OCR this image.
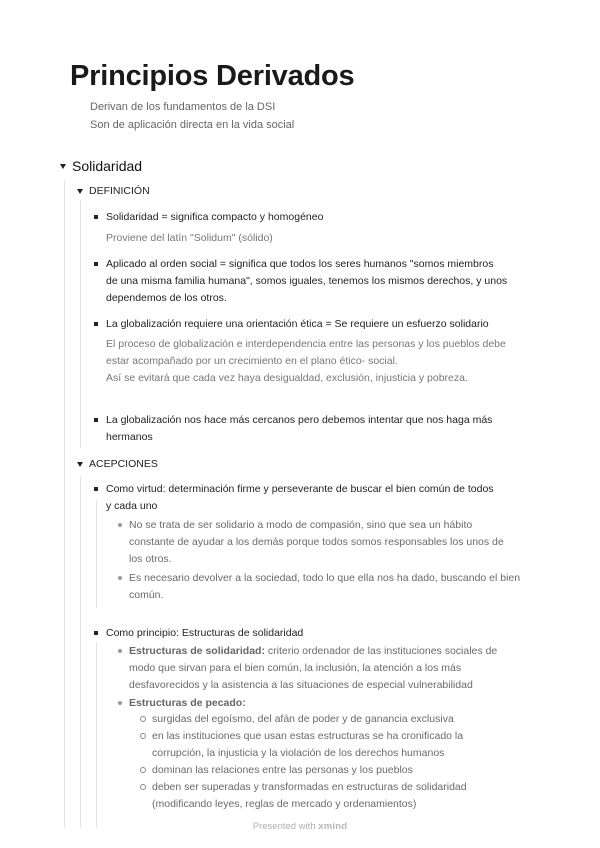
Principios Derivados
Derivan de los fundamentos de la DSI
Son de aplicación directa en la vida social
Solidaridad
DEFINICIÓN
Solidaridad = significa compacto y homogéneo
Proviene del latín "Solidum" (sólido)
Aplicado al orden social = significa que todos los seres humanos "somos miembros
de una misma familia humana", somos iguales, tenemos los mismos derechos, y unos
dependemos de los otros.
La globalización requiere una orientación ética = Se requiere un esfuerzo solidario
El proceso de globalización e interdependencia entre las personas y los pueblos debe
estar acompañado por un crecimiento en el plano ético- social.
Así se evitará que cada vez haya desigualdad, exclusión, injusticia y pobreza.
La globalización nos hace más cercanos pero debemos intentar que nos haga más
hermanos
ACEPCIONES
Como virtud: determinación firme y perseverante de buscar el bien común de todos
y cada uno
No se trata de ser solidario a modo de compasión, sino que sea un hábito
constante de ayudar a los demás porque todos somos responsables los unos de
los otros.
Es necesario devolver a la sociedad, todo lo que ella nos ha dado, buscando el bien
común.
Como principio: Estructuras de solidaridad
Estructuras de solidaridad: criterio ordenador de las instituciones sociales de
modo que sirvan para el bien común, la inclusión, la atención a los más
desfavorecidos y la asistencia a las situaciones de especial vulnerabilidad
Estructuras de pecado:
surgidas del egoísmo, del afán de poder y de ganancia exclusiva
en las instituciones que usan estas estructuras se ha cronificado la
corrupción, la injusticia y la violación de los derechos humanos
dominan las relaciones entre las personas y los pueblos
deben ser superadas y transformadas en estructuras de solidaridad
(modificando leyes, reglas de mercado y ordenamientos)
Presented with xmind
